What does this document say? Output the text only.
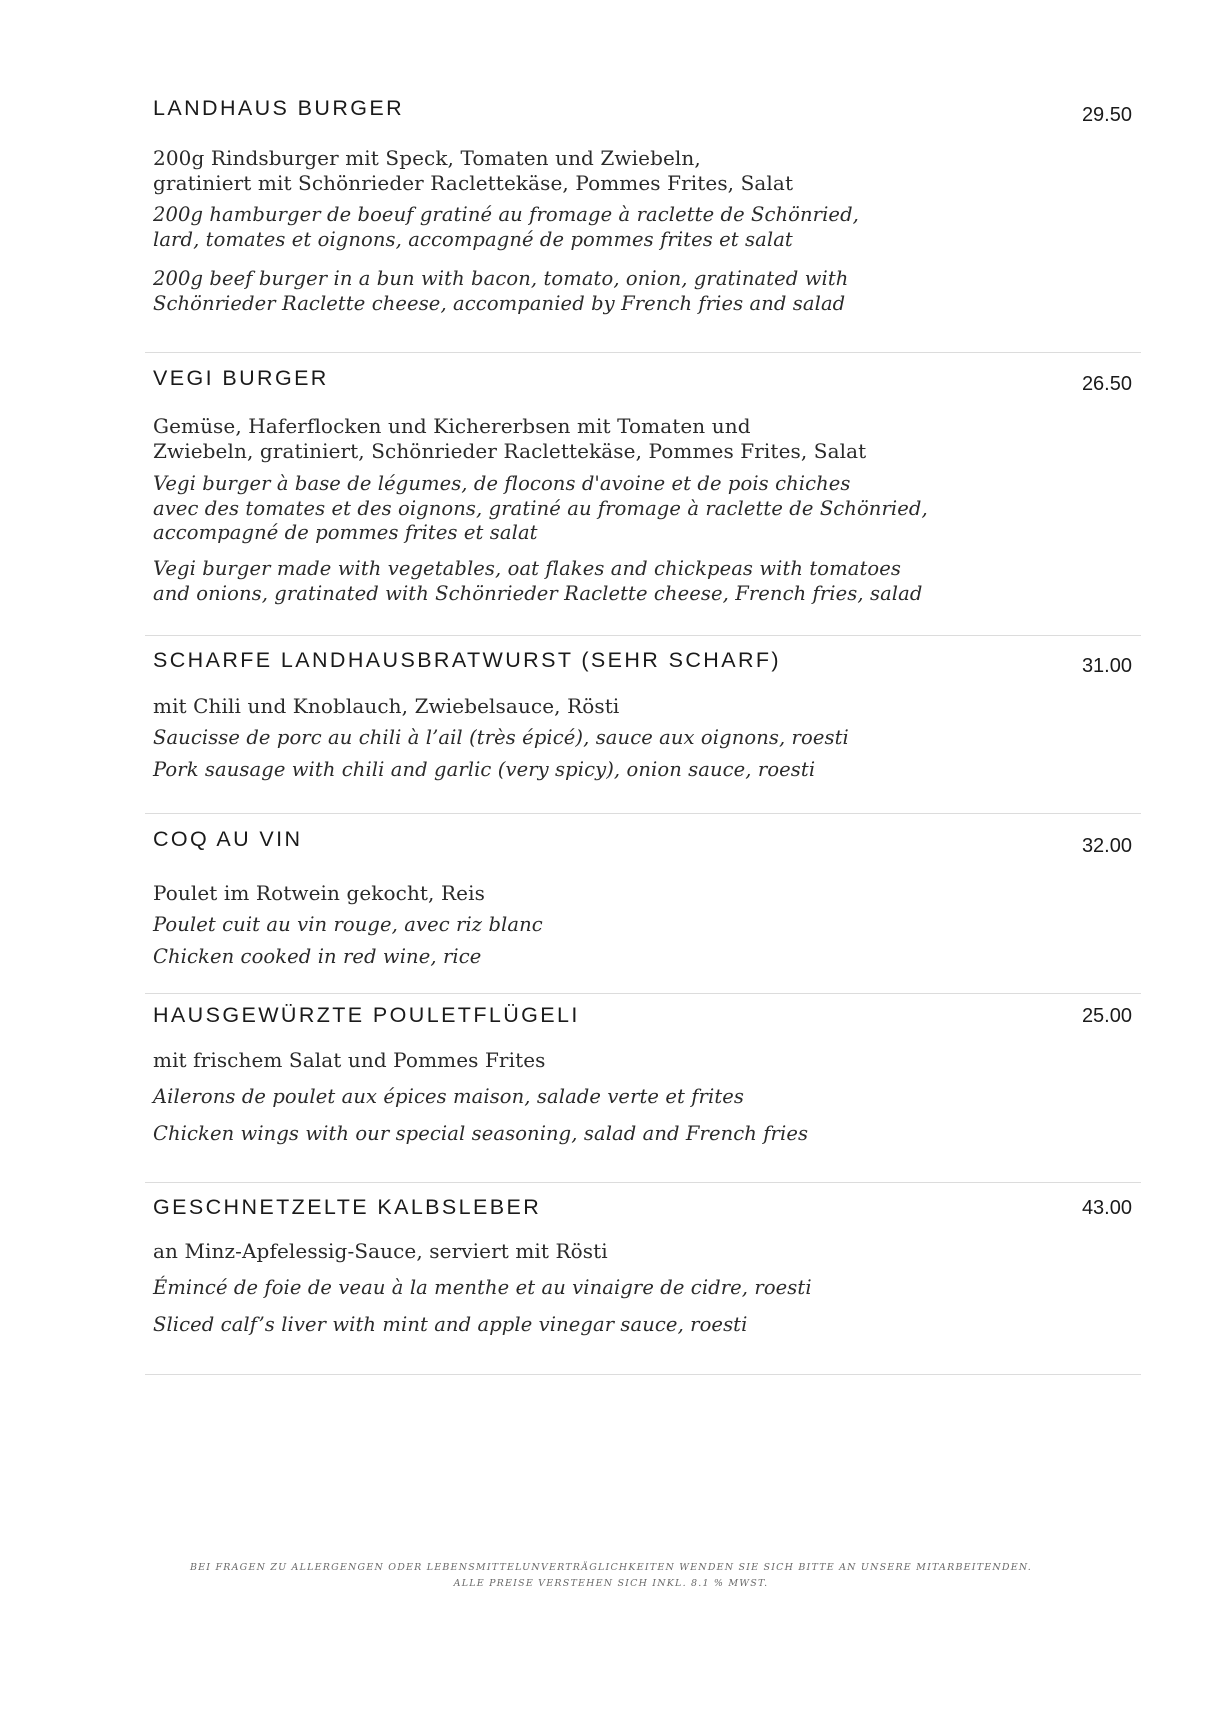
LANDHAUS BURGER	29.50
200g Rindsburger mit Speck, Tomaten und Zwiebeln,
gratiniert mit Schönrieder Raclettekäse, Pommes Frites, Salat
200g hamburger de boeuf gratiné au fromage à raclette de Schönried,
lard, tomates et oignons, accompagné de pommes frites et salat
200g beef burger in a bun with bacon, tomato, onion, gratinated with
Schönrieder Raclette cheese, accompanied by French fries and salad
VEGI BURGER	26.50
Gemüse, Haferflocken und Kichererbsen mit Tomaten und
Zwiebeln, gratiniert, Schönrieder Raclettekäse, Pommes Frites, Salat
Vegi burger à base de légumes, de flocons d'avoine et de pois chiches
avec des tomates et des oignons, gratiné au fromage à raclette de Schönried,
accompagné de pommes frites et salat
Vegi burger made with vegetables, oat flakes and chickpeas with tomatoes
and onions, gratinated with Schönrieder Raclette cheese, French fries, salad
SCHARFE LANDHAUSBRATWURST (SEHR SCHARF)	31.00
mit Chili und Knoblauch, Zwiebelsauce, Rösti
Saucisse de porc au chili à l’ail (très épicé), sauce aux oignons, roesti
Pork sausage with chili and garlic (very spicy), onion sauce, roesti
COQ AU VIN	32.00
Poulet im Rotwein gekocht, Reis
Poulet cuit au vin rouge, avec riz blanc
Chicken cooked in red wine, rice
HAUSGEWÜRZTE POULETFLÜGELI	25.00
mit frischem Salat und Pommes Frites
Ailerons de poulet aux épices maison, salade verte et frites
Chicken wings with our special seasoning, salad and French fries
GESCHNETZELTE KALBSLEBER	43.00
an Minz-Apfelessig-Sauce, serviert mit Rösti
Émincé de foie de veau à la menthe et au vinaigre de cidre, roesti
Sliced calf’s liver with mint and apple vinegar sauce, roesti
BEI FRAGEN ZU ALLERGENGEN ODER LEBENSMITTELUNVERTRÄGLICHKEITEN WENDEN SIE SICH BITTE AN UNSERE MITARBEITENDEN.
ALLE PREISE VERSTEHEN SICH INKL. 8.1 % MWST.
